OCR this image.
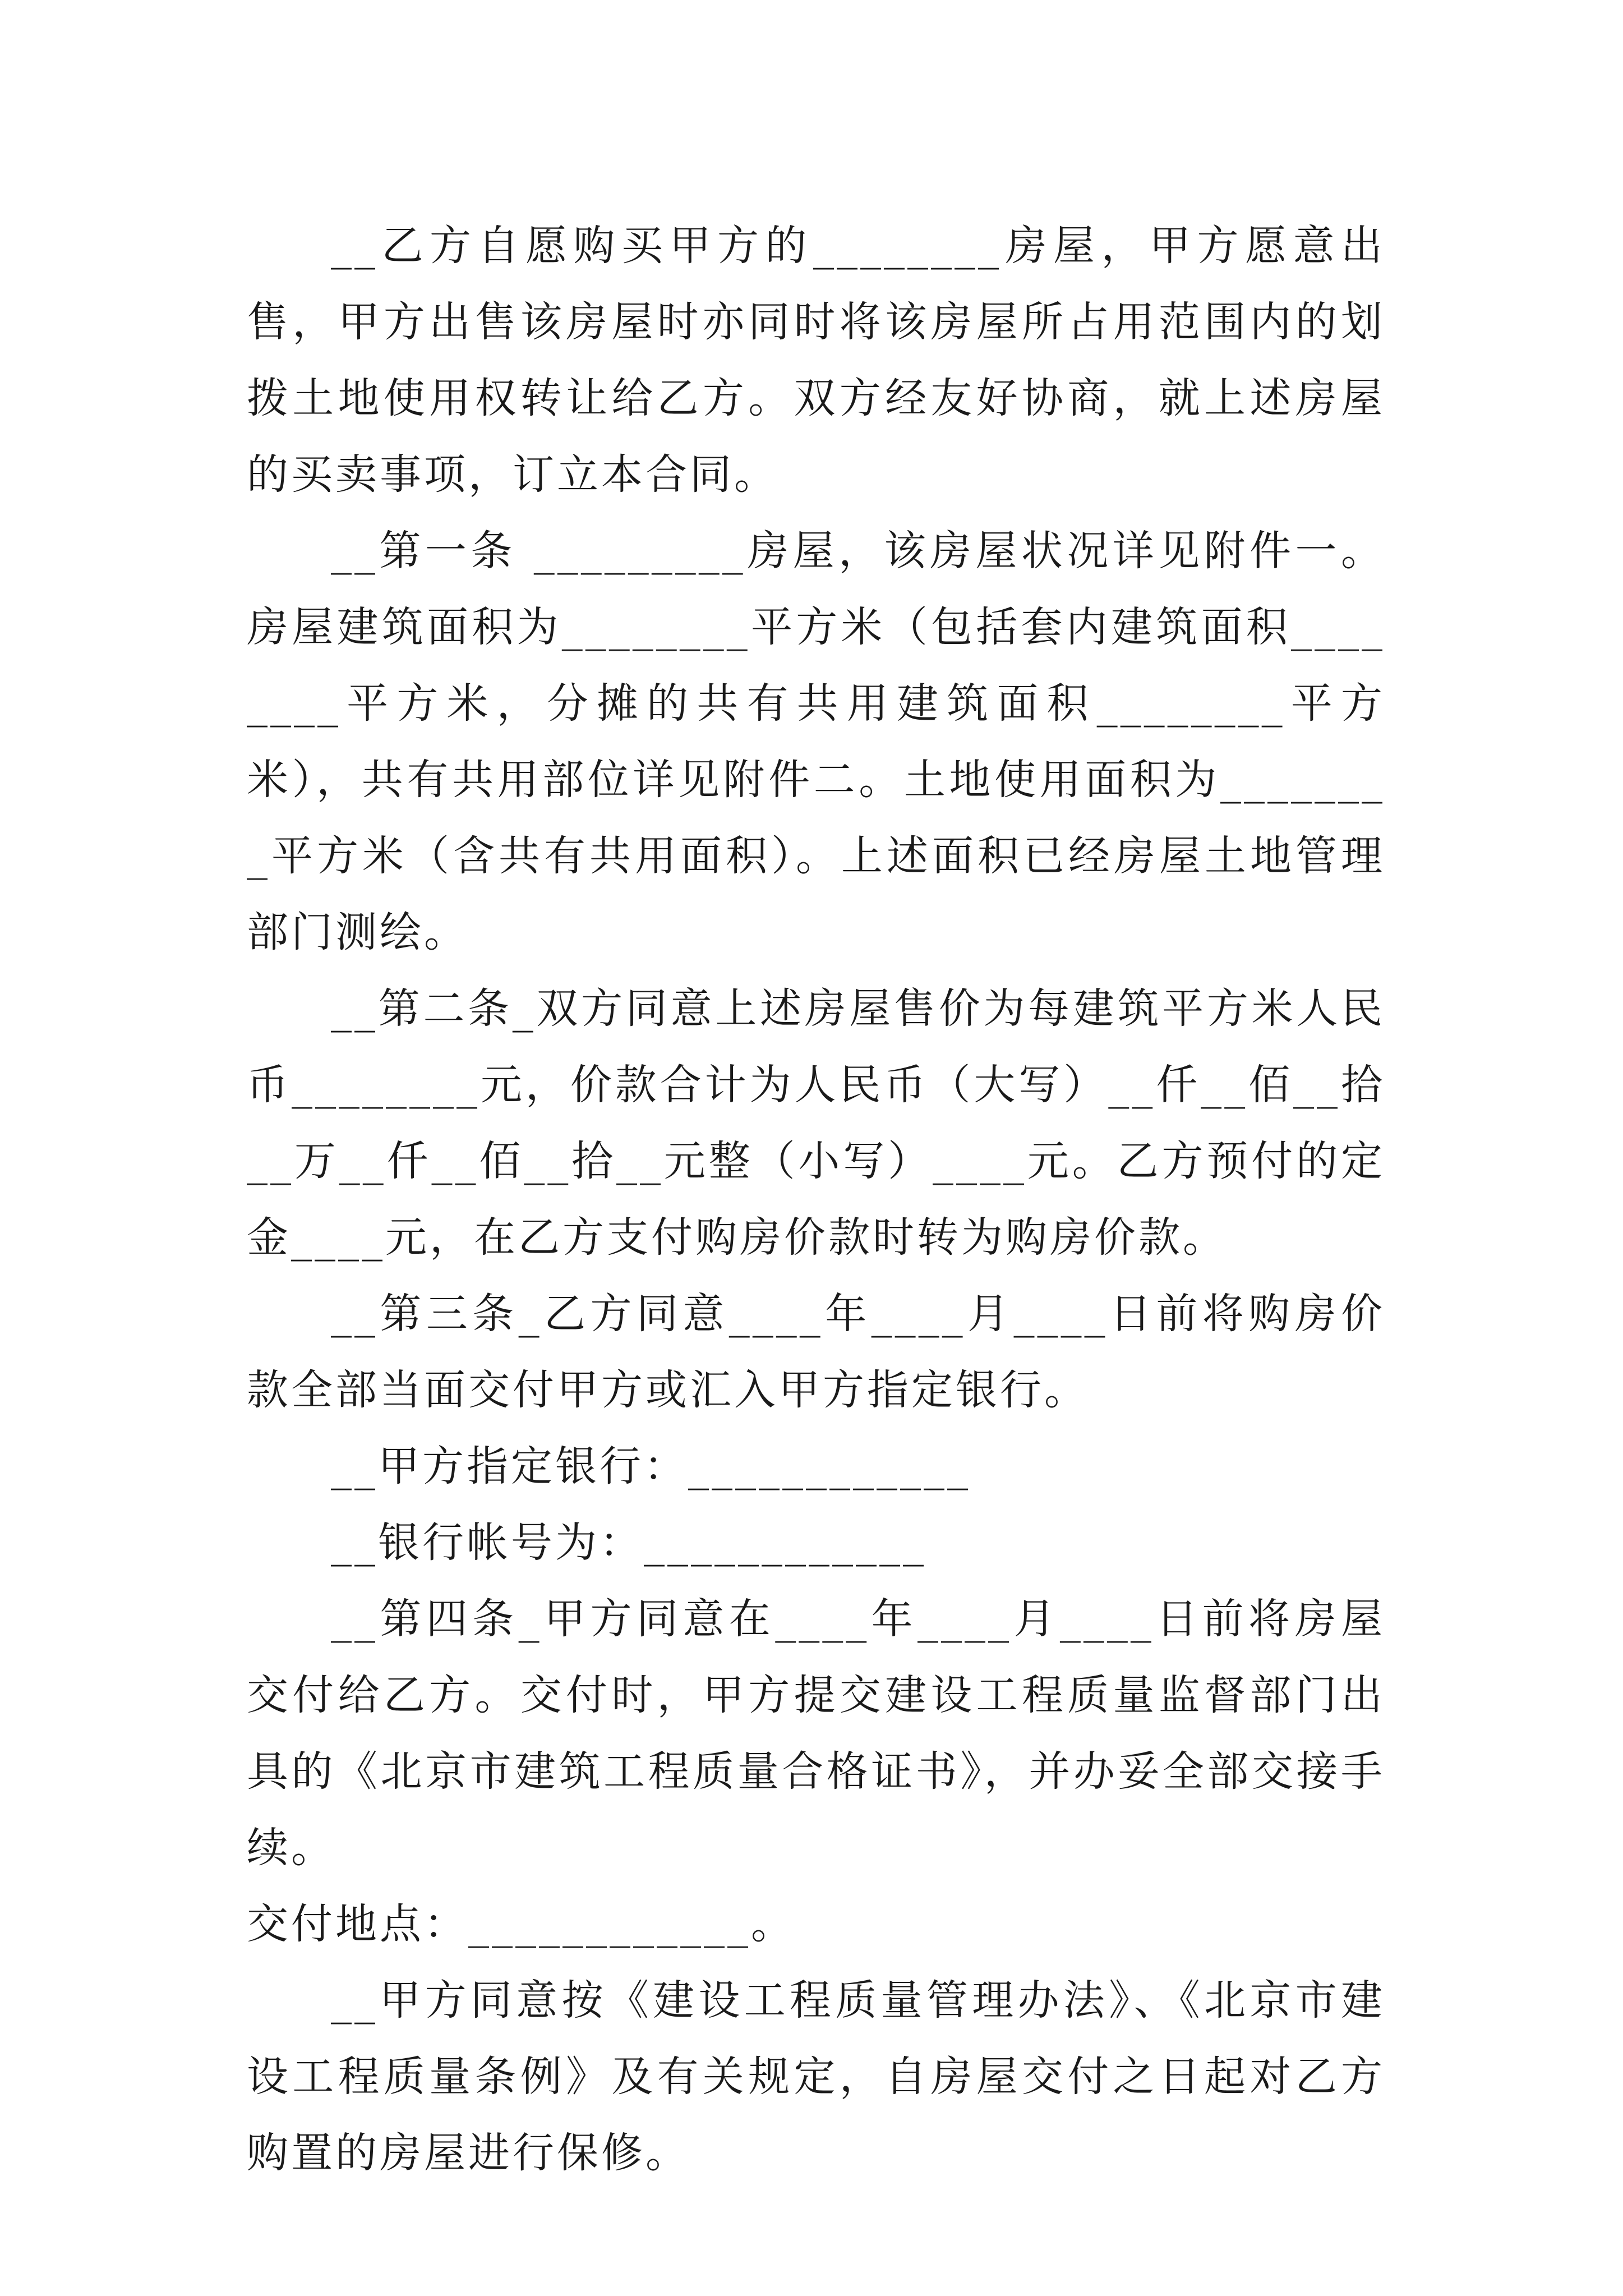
__乙方自愿购买甲方的________房屋，甲方愿意出售，甲方出售该房屋时亦同时将该房屋所占用范围内的划拨土地使用权转让给乙方。双方经友好协商，就上述房屋的买卖事项，订立本合同。

__第一条 _________房屋，该房屋状况详见附件一。房屋建筑面积为________平方米（包括套内建筑面积________平方米，分摊的共有共用建筑面积________平方米），共有共用部位详见附件二。土地使用面积为________平方米（含共有共用面积）。上述面积已经房屋土地管理部门测绘。

__第二条_双方同意上述房屋售价为每建筑平方米人民币________元，价款合计为人民币（大写）__仟__佰__拾__万__仟__佰__拾__元整（小写）____元。乙方预付的定金____元，在乙方支付购房价款时转为购房价款。

__第三条_乙方同意____年____月____日前将购房价款全部当面交付甲方或汇入甲方指定银行。

__甲方指定银行：____________

__银行帐号为：____________

__第四条_甲方同意在____年____月____日前将房屋交付给乙方。交付时，甲方提交建设工程质量监督部门出具的《北京市建筑工程质量合格证书》，并办妥全部交接手续。

交付地点：____________。

__甲方同意按《建设工程质量管理办法》、《北京市建设工程质量条例》及有关规定，自房屋交付之日起对乙方购置的房屋进行保修。
